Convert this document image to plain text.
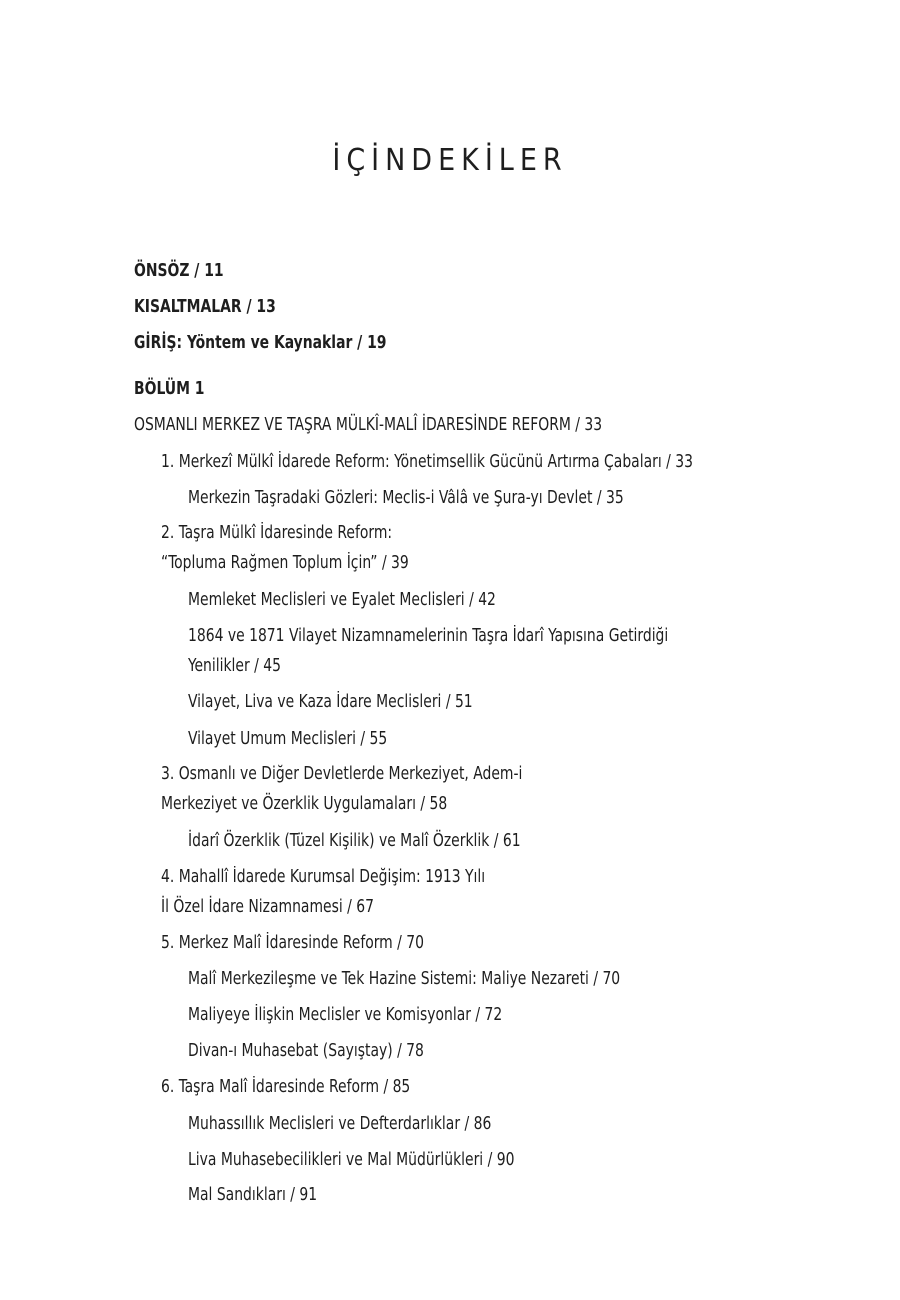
İÇİNDEKİLER
ÖNSÖZ / 11
KISALTMALAR / 13
GİRİŞ: Yöntem ve Kaynaklar / 19
BÖLÜM 1
OSMANLI MERKEZ VE TAŞRA MÜLKÎ-MALÎ İDARESİNDE REFORM / 33
1. Merkezî Mülkî İdarede Reform: Yönetimsellik Gücünü Artırma Çabaları / 33
Merkezin Taşradaki Gözleri: Meclis-i Vâlâ ve Şura-yı Devlet / 35
2. Taşra Mülkî İdaresinde Reform:
“Topluma Rağmen Toplum İçin” / 39
Memleket Meclisleri ve Eyalet Meclisleri / 42
1864 ve 1871 Vilayet Nizamnamelerinin Taşra İdarî Yapısına Getirdiği
Yenilikler / 45
Vilayet, Liva ve Kaza İdare Meclisleri / 51
Vilayet Umum Meclisleri / 55
3. Osmanlı ve Diğer Devletlerde Merkeziyet, Adem-i
Merkeziyet ve Özerklik Uygulamaları / 58
İdarî Özerklik (Tüzel Kişilik) ve Malî Özerklik / 61
4. Mahallî İdarede Kurumsal Değişim: 1913 Yılı
İl Özel İdare Nizamnamesi / 67
5. Merkez Malî İdaresinde Reform / 70
Malî Merkezileşme ve Tek Hazine Sistemi: Maliye Nezareti / 70
Maliyeye İlişkin Meclisler ve Komisyonlar / 72
Divan-ı Muhasebat (Sayıştay) / 78
6. Taşra Malî İdaresinde Reform / 85
Muhassıllık Meclisleri ve Defterdarlıklar / 86
Liva Muhasebecilikleri ve Mal Müdürlükleri / 90
Mal Sandıkları / 91
